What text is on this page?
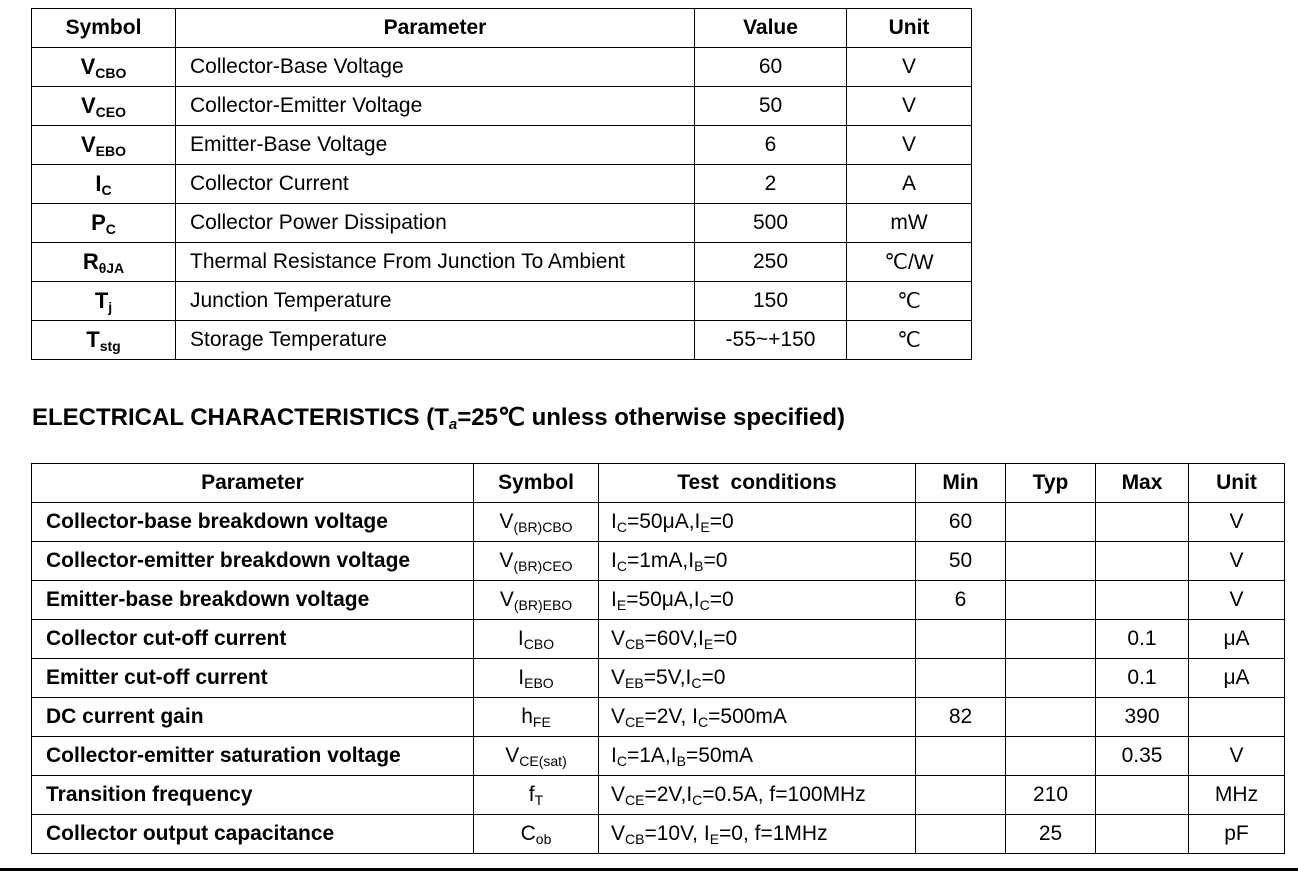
Symbol	Parameter	Value	Unit
$V_{CBO}$	Collector-Base Voltage	60	V
$V_{CEO}$	Collector-Emitter Voltage	50	V
$V_{EBO}$	Emitter-Base Voltage	6	V
$I_C$	Collector Current	2	A
$P_C$	Collector Power Dissipation	500	mW
$R_{\theta JA}$	Thermal Resistance From Junction To Ambient	250	℃/W
$T_j$	Junction Temperature	150	℃
$T_{stg}$	Storage Temperature	-55~+150	℃
ELECTRICAL CHARACTERISTICS ($T_a=25℃$ unless otherwise specified)
Parameter	Symbol	Test  conditions	Min	Typ	Max	Unit
Collector-base breakdown voltage	$V_{(BR)CBO}$	$I_C=50\mu A,I_E=0$	60			V
Collector-emitter breakdown voltage	$V_{(BR)CEO}$	$I_C=1mA,I_B=0$	50			V
Emitter-base breakdown voltage	$V_{(BR)EBO}$	$I_E=50\mu A,I_C=0$	6			V
Collector cut-off current	$I_{CBO}$	$V_{CB}=60V,I_E=0$			0.1	μA
Emitter cut-off current	$I_{EBO}$	$V_{EB}=5V,I_C=0$			0.1	μA
DC current gain	$h_{FE}$	$V_{CE}=2V$, $I_C=500mA$	82		390	
Collector-emitter saturation voltage	$V_{CE(sat)}$	$I_C=1A,I_B=50mA$			0.35	V
Transition frequency	$f_T$	$V_{CE}=2V,I_C=0.5A$, f=100MHz		210		MHz
Collector output capacitance	$C_{ob}$	$V_{CB}=10V$, $I_E=0$, f=1MHz		25		pF
